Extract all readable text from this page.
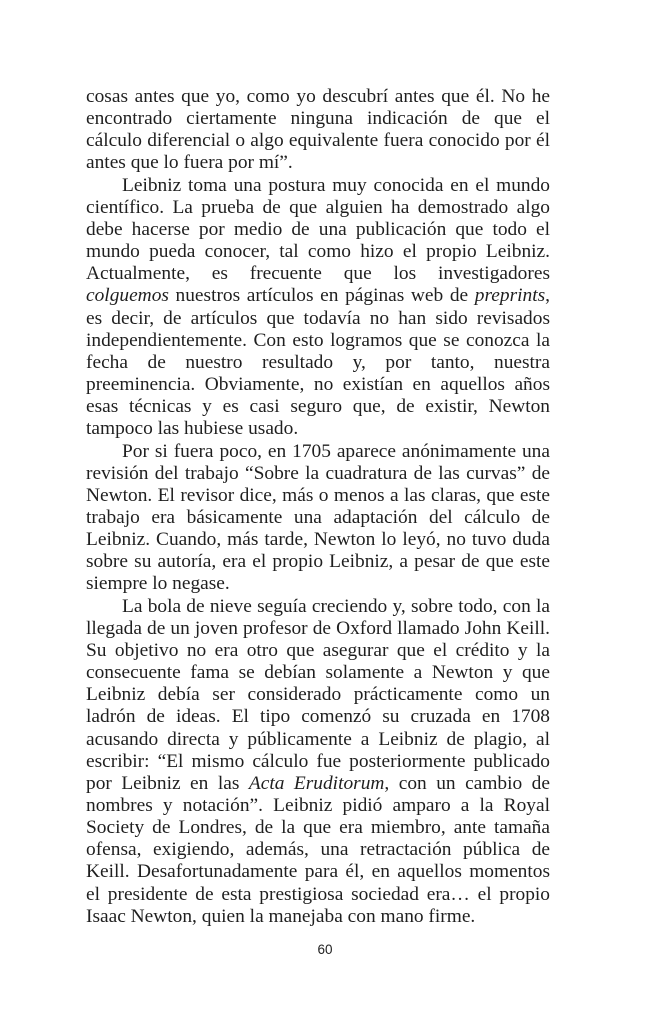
cosas antes que yo, como yo descubrí antes que él. No he encontrado ciertamente ninguna indicación de que el cálculo diferencial o algo equivalente fuera conocido por él antes que lo fuera por mí”.

Leibniz toma una postura muy conocida en el mundo científico. La prueba de que alguien ha demostrado algo debe hacerse por medio de una publicación que todo el mundo pueda conocer, tal como hizo el propio Leibniz. Actualmente, es frecuente que los investigadores colguemos nuestros artículos en páginas web de preprints, es decir, de artículos que todavía no han sido revisados independientemente. Con esto logramos que se conozca la fecha de nuestro resultado y, por tanto, nuestra preeminencia. Obviamente, no existían en aquellos años esas técnicas y es casi seguro que, de existir, Newton tampoco las hubiese usado.

Por si fuera poco, en 1705 aparece anónimamente una revisión del trabajo “Sobre la cuadratura de las curvas” de Newton. El revisor dice, más o menos a las claras, que este trabajo era básicamente una adaptación del cálculo de Leibniz. Cuando, más tarde, Newton lo leyó, no tuvo duda sobre su autoría, era el propio Leibniz, a pesar de que este siempre lo negase.

La bola de nieve seguía creciendo y, sobre todo, con la llegada de un joven profesor de Oxford llamado John Keill. Su objetivo no era otro que asegurar que el crédito y la consecuente fama se debían solamente a Newton y que Leibniz debía ser considerado prácticamente como un ladrón de ideas. El tipo comenzó su cruzada en 1708 acusando directa y públicamente a Leibniz de plagio, al escribir: “El mismo cálculo fue posteriormente publicado por Leibniz en las Acta Eruditorum, con un cambio de nombres y notación”. Leibniz pidió amparo a la Royal Society de Londres, de la que era miembro, ante tamaña ofensa, exigiendo, además, una retractación pública de Keill. Desafortunadamente para él, en aquellos momentos el presidente de esta prestigiosa sociedad era… el propio Isaac Newton, quien la manejaba con mano firme.

60
